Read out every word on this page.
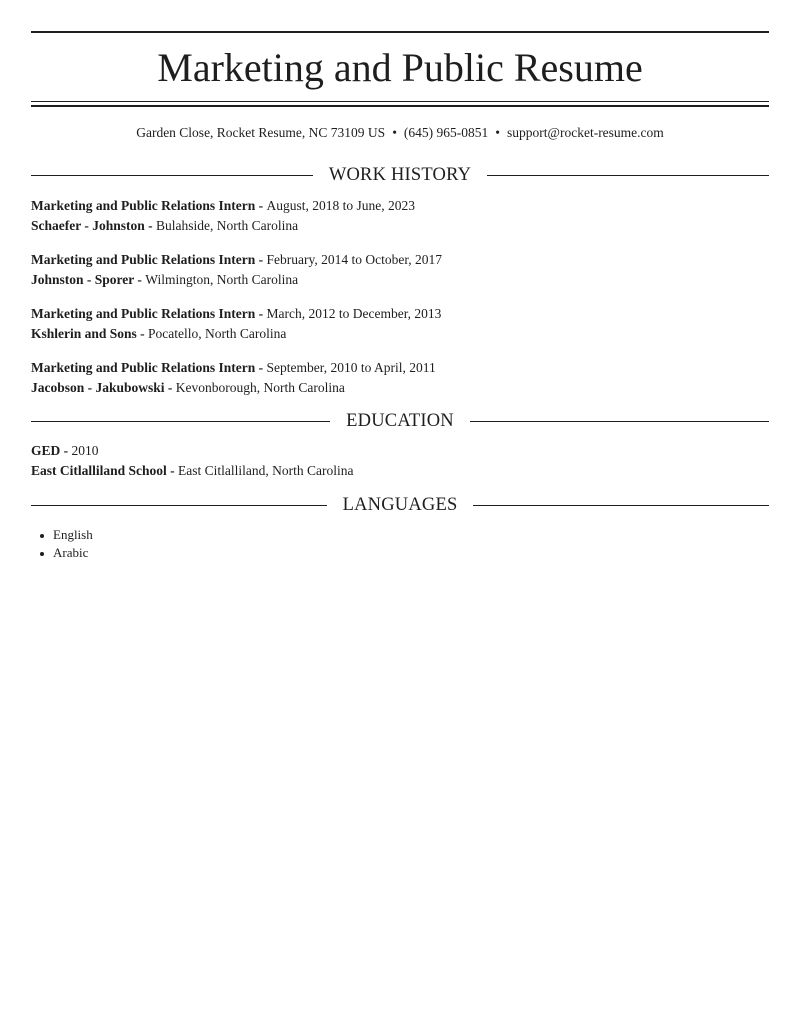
Marketing and Public Resume
Garden Close, Rocket Resume, NC 73109 US • (645) 965-0851 • support@rocket-resume.com
WORK HISTORY
Marketing and Public Relations Intern - August, 2018 to June, 2023
Schaefer - Johnston - Bulahside, North Carolina
Marketing and Public Relations Intern - February, 2014 to October, 2017
Johnston - Sporer - Wilmington, North Carolina
Marketing and Public Relations Intern - March, 2012 to December, 2013
Kshlerin and Sons - Pocatello, North Carolina
Marketing and Public Relations Intern - September, 2010 to April, 2011
Jacobson - Jakubowski - Kevonborough, North Carolina
EDUCATION
GED - 2010
East Citlalliland School - East Citlalliland, North Carolina
LANGUAGES
English
Arabic
